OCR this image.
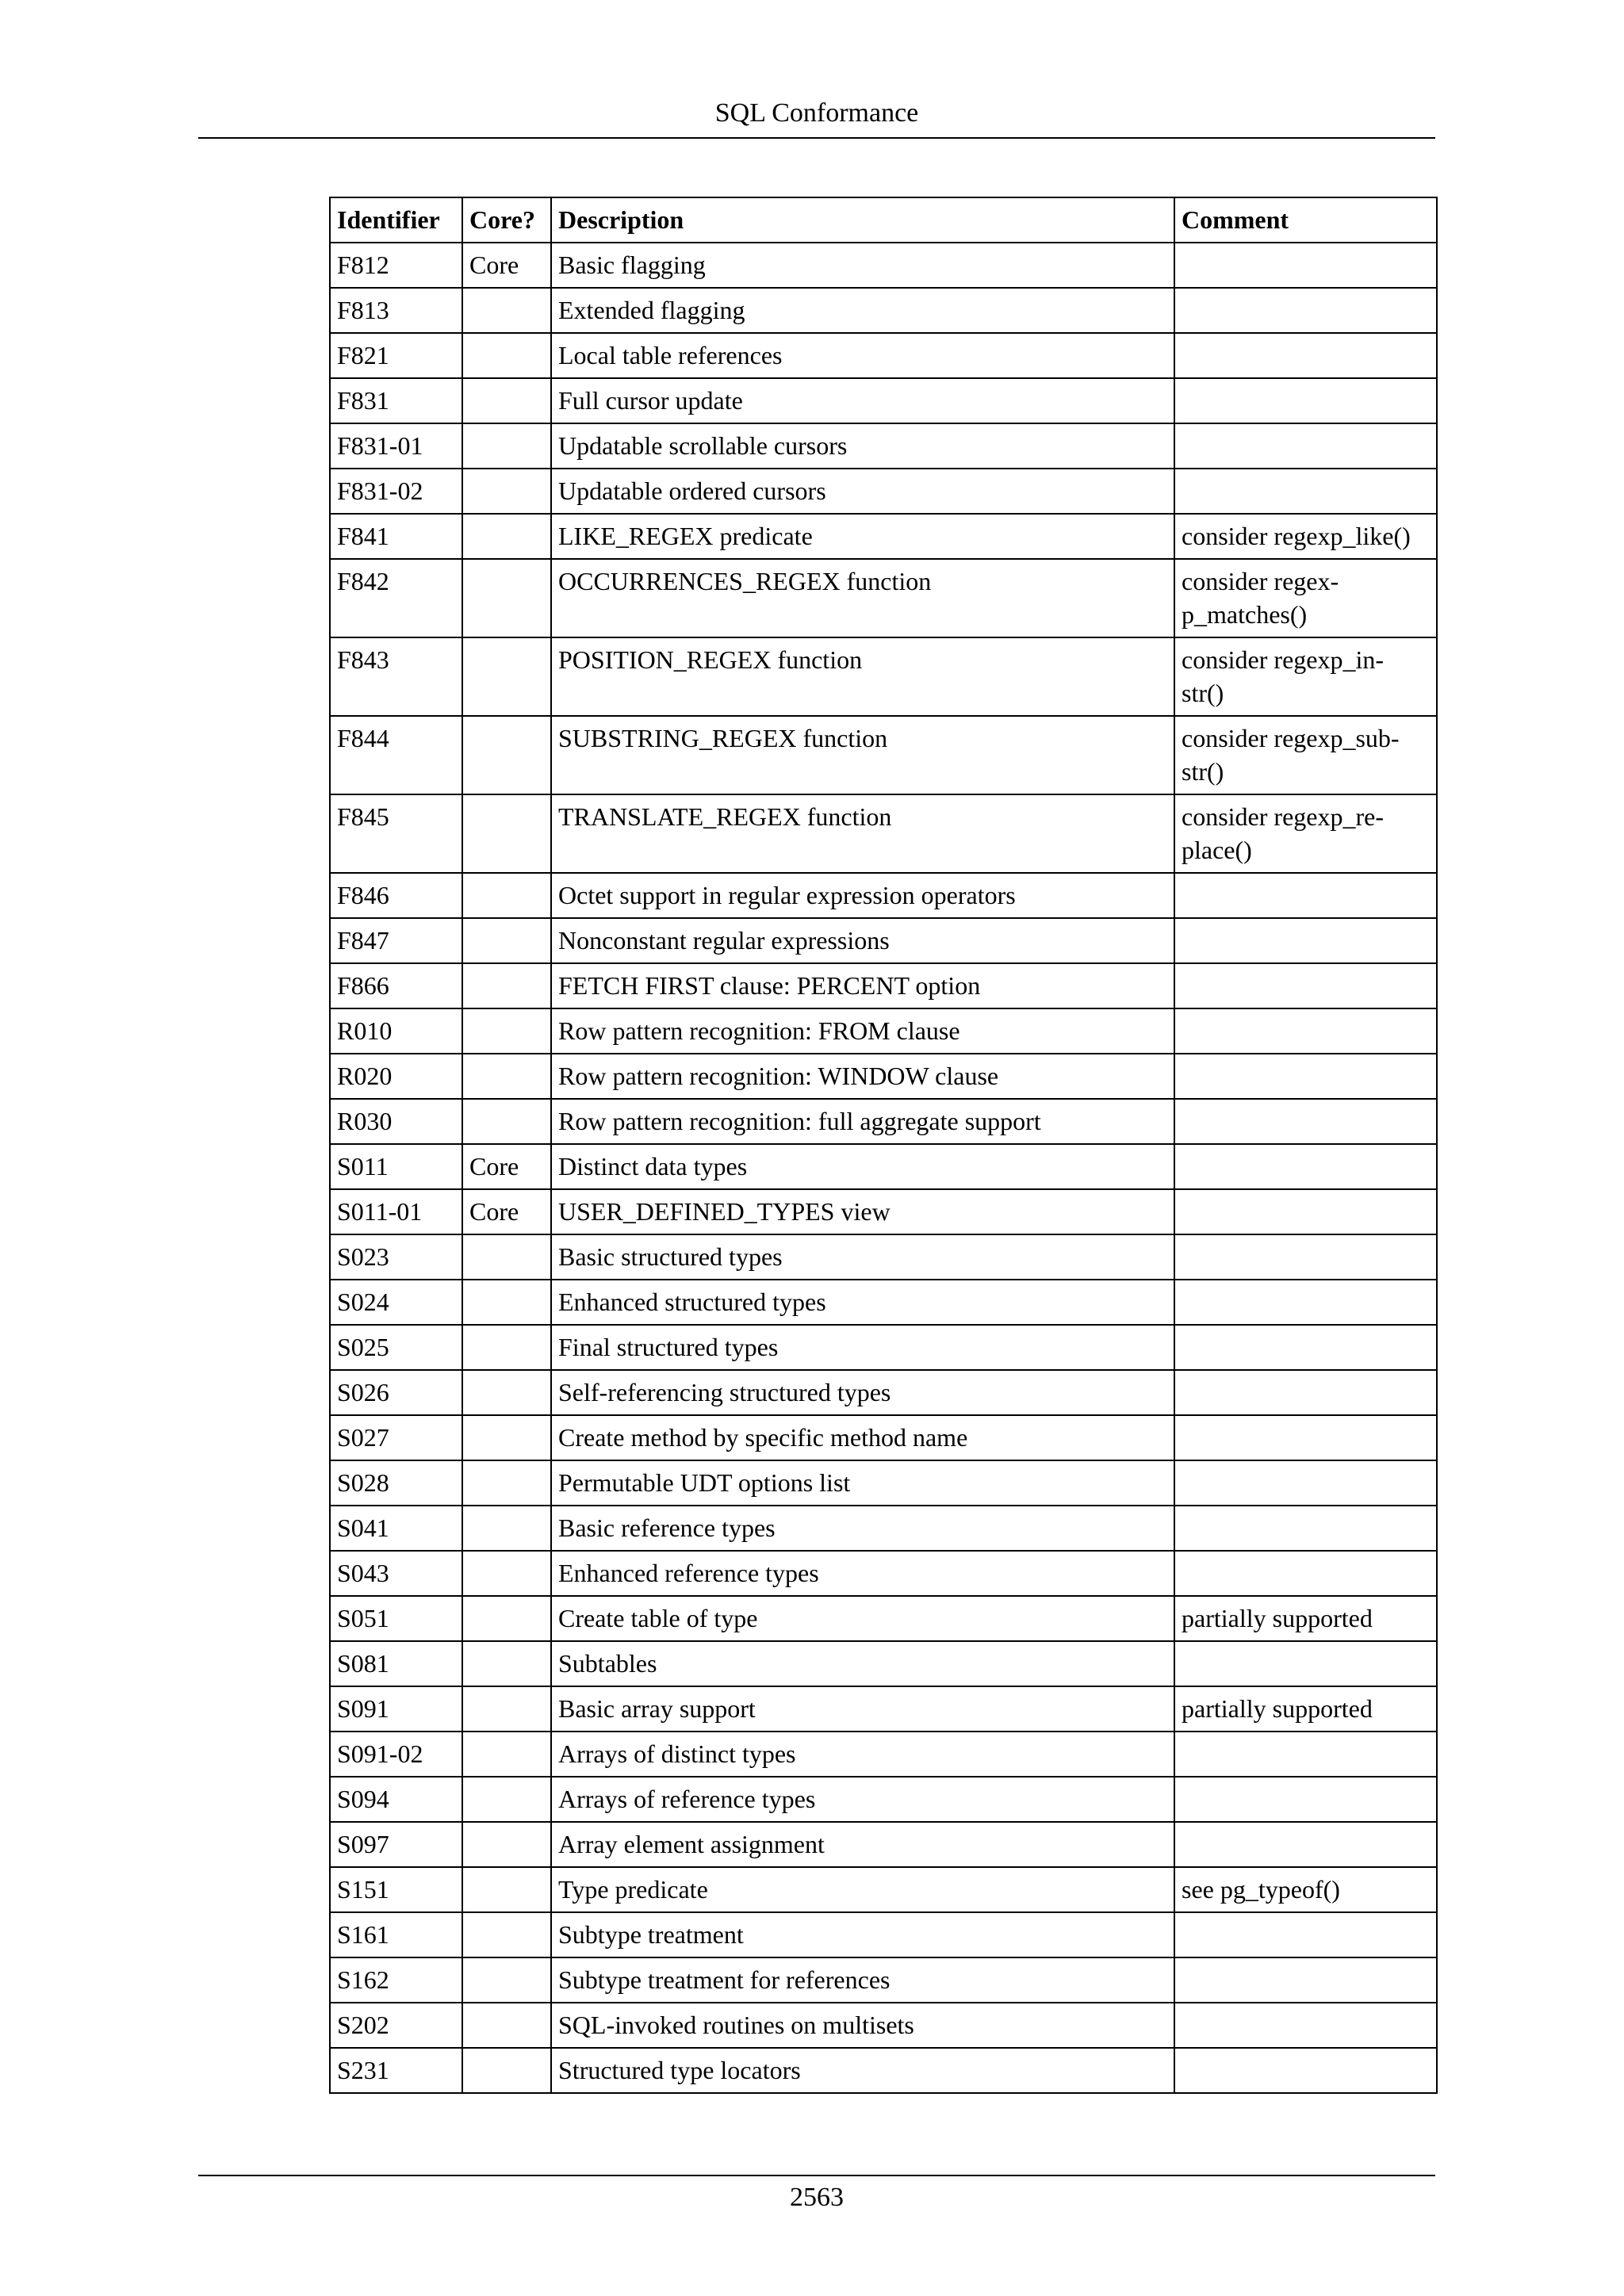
SQL Conformance
Identifier	Core?	Description	Comment
F812	Core	Basic flagging	
F813		Extended flagging	
F821		Local table references	
F831		Full cursor update	
F831-01		Updatable scrollable cursors	
F831-02		Updatable ordered cursors	
F841		LIKE_REGEX predicate	consider regexp_like()
F842		OCCURRENCES_REGEX function	consider regex-
p_matches()
F843		POSITION_REGEX function	consider regexp_in-
str()
F844		SUBSTRING_REGEX function	consider regexp_sub-
str()
F845		TRANSLATE_REGEX function	consider regexp_re-
place()
F846		Octet support in regular expression operators	
F847		Nonconstant regular expressions	
F866		FETCH FIRST clause: PERCENT option	
R010		Row pattern recognition: FROM clause	
R020		Row pattern recognition: WINDOW clause	
R030		Row pattern recognition: full aggregate support	
S011	Core	Distinct data types	
S011-01	Core	USER_DEFINED_TYPES view	
S023		Basic structured types	
S024		Enhanced structured types	
S025		Final structured types	
S026		Self-referencing structured types	
S027		Create method by specific method name	
S028		Permutable UDT options list	
S041		Basic reference types	
S043		Enhanced reference types	
S051		Create table of type	partially supported
S081		Subtables	
S091		Basic array support	partially supported
S091-02		Arrays of distinct types	
S094		Arrays of reference types	
S097		Array element assignment	
S151		Type predicate	see pg_typeof()
S161		Subtype treatment	
S162		Subtype treatment for references	
S202		SQL-invoked routines on multisets	
S231		Structured type locators	
2563
